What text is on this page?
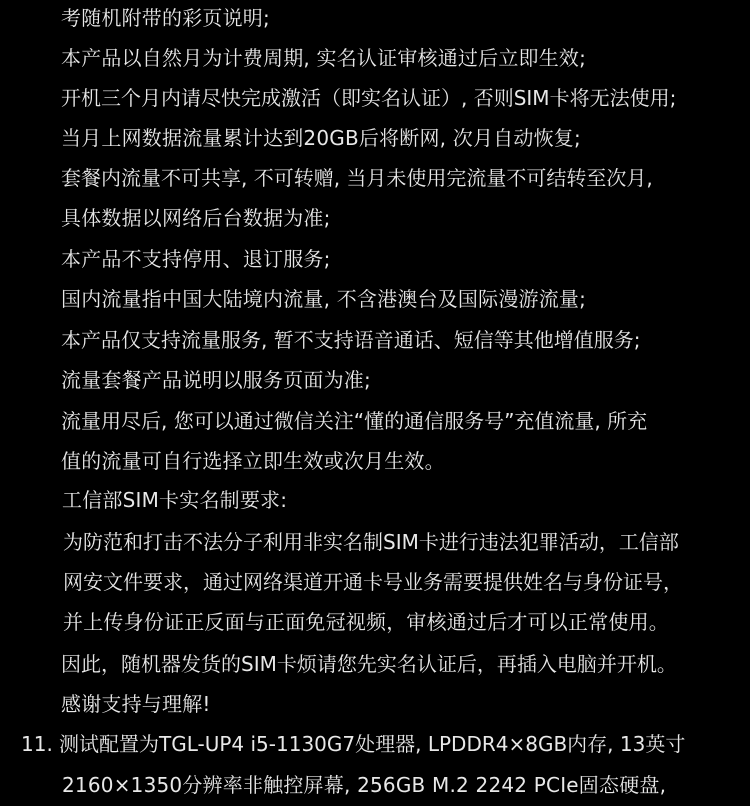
考随机附带的彩页说明;
本产品以自然月为计费周期, 实名认证审核通过后立即生效;
开机三个月内请尽快完成激活（即实名认证）, 否则SIM卡将无法使用;
当月上网数据流量累计达到20GB后将断网, 次月自动恢复;
套餐内流量不可共享, 不可转赠, 当月未使用完流量不可结转至次月,
具体数据以网络后台数据为准;
本产品不支持停用、退订服务;
国内流量指中国大陆境内流量, 不含港澳台及国际漫游流量;
本产品仅支持流量服务, 暂不支持语音通话、短信等其他增值服务;
流量套餐产品说明以服务页面为准;
流量用尽后, 您可以通过微信关注“懂的通信服务号”充值流量, 所充
值的流量可自行选择立即生效或次月生效。
工信部SIM卡实名制要求:
为防范和打击不法分子利用非实名制SIM卡进行违法犯罪活动，工信部
网安文件要求，通过网络渠道开通卡号业务需要提供姓名与身份证号，
并上传身份证正反面与正面免冠视频，审核通过后才可以正常使用。
因此，随机器发货的SIM卡烦请您先实名认证后，再插入电脑并开机。
感谢支持与理解!
11. 测试配置为TGL-UP4 i5-1130G7处理器, LPDDR4×8GB内存, 13英寸
2160×1350分辨率非触控屏幕, 256GB M.2 2242 PCIe固态硬盘,
